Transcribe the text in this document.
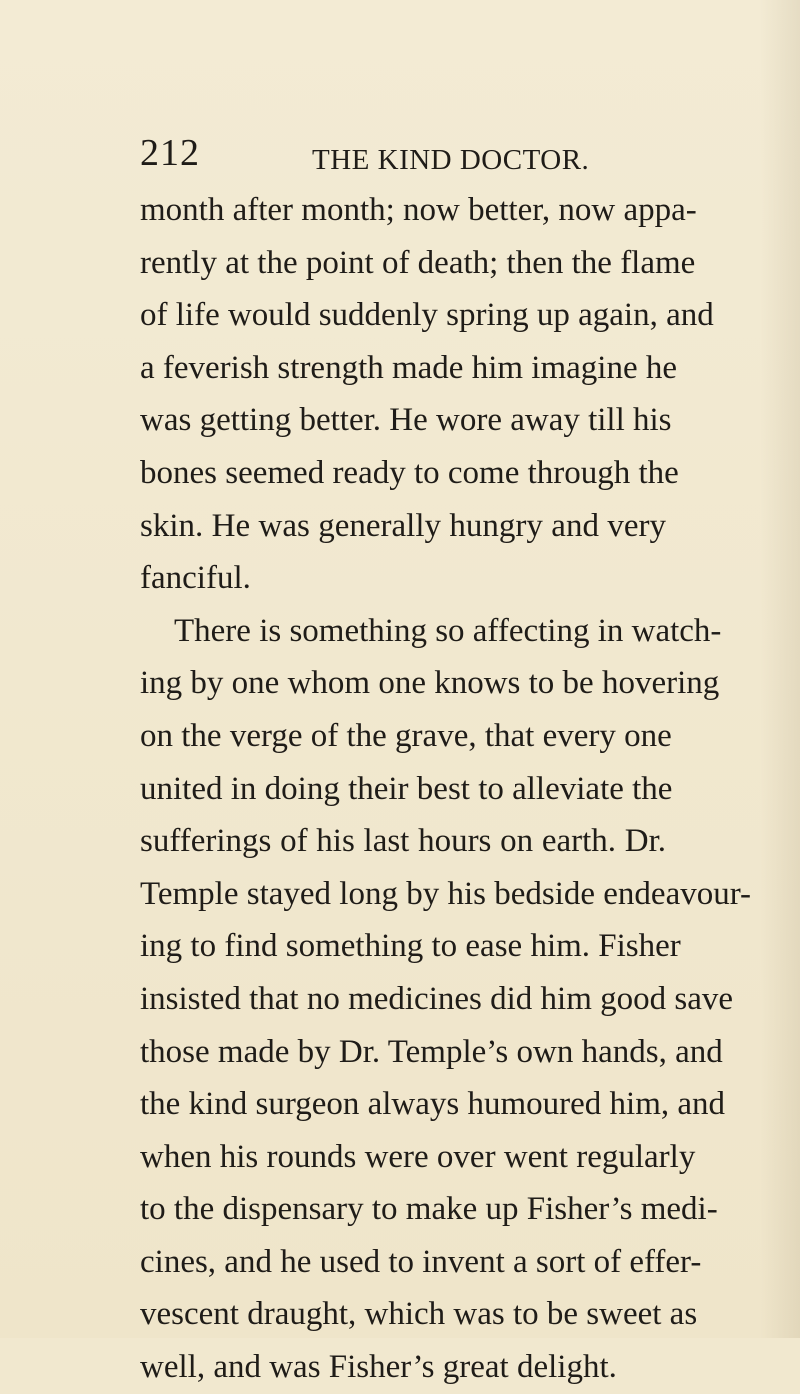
212	THE KIND DOCTOR.
month after month; now better, now appa-
rently at the point of death; then the flame
of life would suddenly spring up again, and
a feverish strength made him imagine he
was getting better. He wore away till his
bones seemed ready to come through the
skin. He was generally hungry and very
fanciful.
There is something so affecting in watch-
ing by one whom one knows to be hovering
on the verge of the grave, that every one
united in doing their best to alleviate the
sufferings of his last hours on earth. Dr.
Temple stayed long by his bedside endeavour-
ing to find something to ease him. Fisher
insisted that no medicines did him good save
those made by Dr. Temple’s own hands, and
the kind surgeon always humoured him, and
when his rounds were over went regularly
to the dispensary to make up Fisher’s medi-
cines, and he used to invent a sort of effer-
vescent draught, which was to be sweet as
well, and was Fisher’s great delight.
